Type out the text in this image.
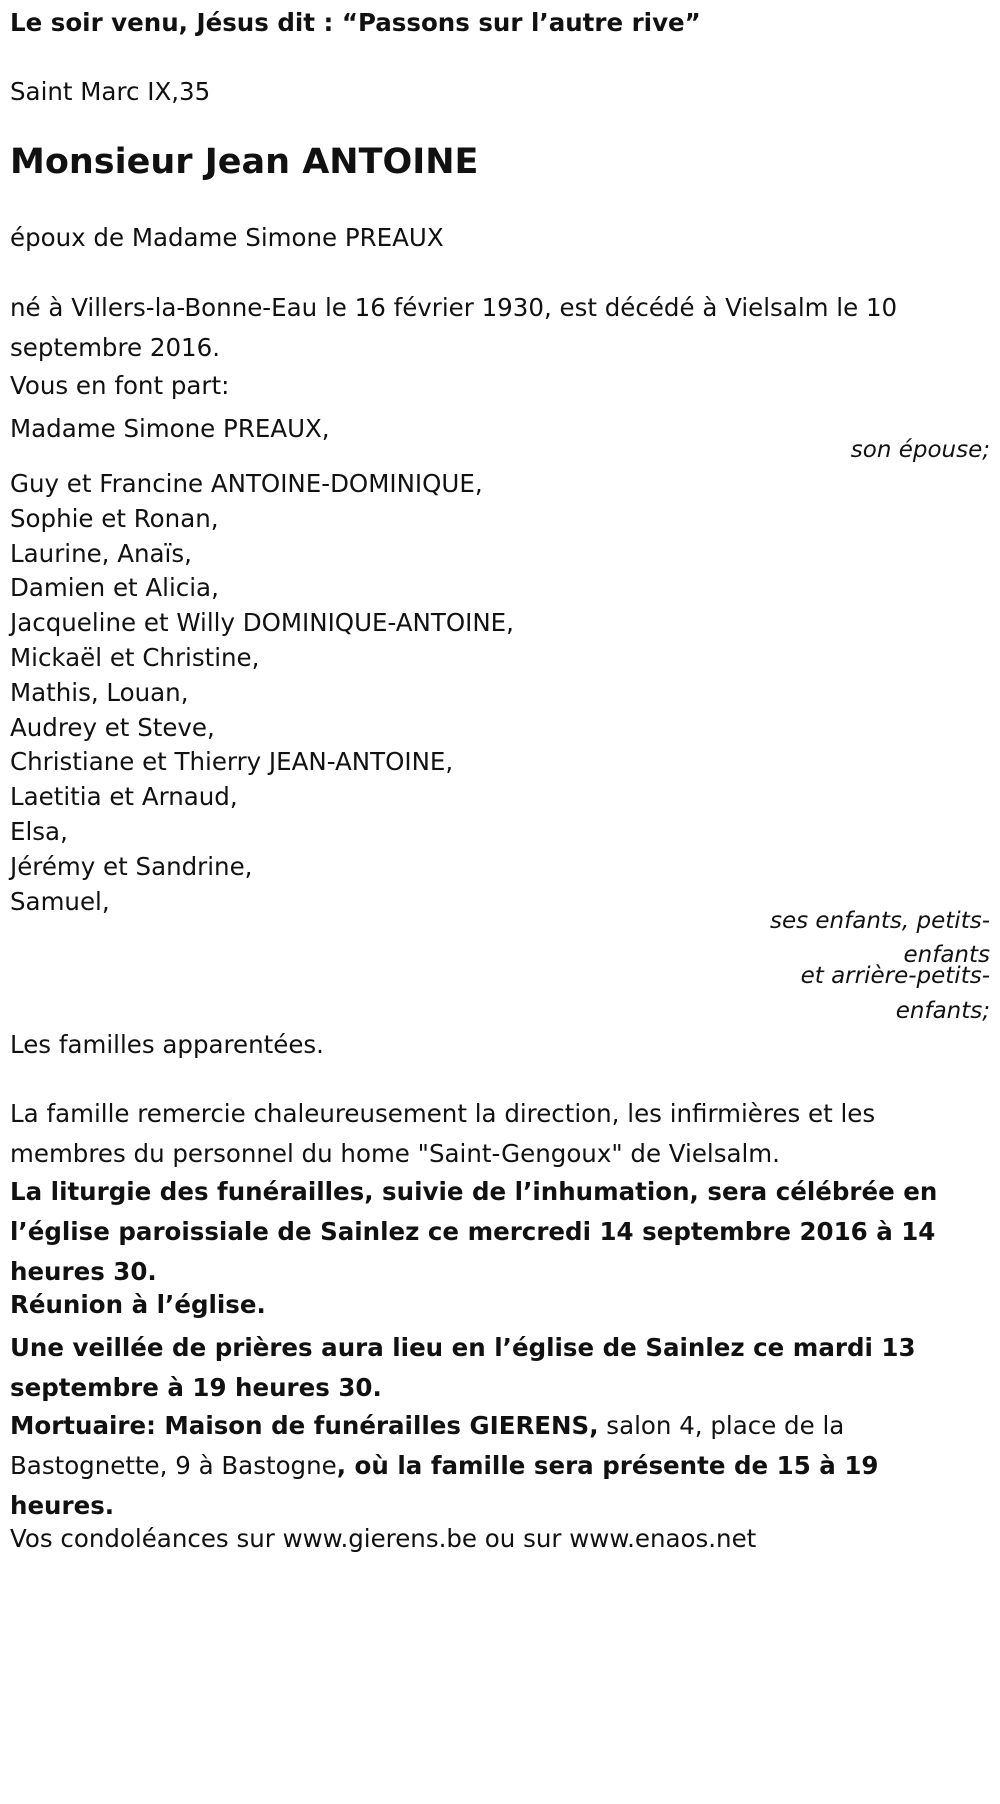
Le soir venu, Jésus dit : “Passons sur l’autre rive”
Saint Marc IX,35
Monsieur Jean ANTOINE
époux de Madame Simone PREAUX
né à Villers-la-Bonne-Eau le 16 février 1930, est décédé à Vielsalm le 10 septembre 2016.
Vous en font part:
Madame Simone PREAUX,
son épouse;
Guy et Francine ANTOINE-DOMINIQUE,
Sophie et Ronan,
Laurine, Anaïs,
Damien et Alicia,
Jacqueline et Willy DOMINIQUE-ANTOINE,
Mickaël et Christine,
Mathis, Louan,
Audrey et Steve,
Christiane et Thierry JEAN-ANTOINE,
Laetitia et Arnaud,
Elsa,
Jérémy et Sandrine,
Samuel,
ses enfants, petits-
enfants
et arrière-petits-
enfants;
Les familles apparentées.
La famille remercie chaleureusement la direction, les infirmières et les membres du personnel du home "Saint-Gengoux" de Vielsalm.
La liturgie des funérailles, suivie de l’inhumation, sera célébrée en l’église paroissiale de Sainlez ce mercredi 14 septembre 2016 à 14 heures 30.
Réunion à l’église.
Une veillée de prières aura lieu en l’église de Sainlez ce mardi 13 septembre à 19 heures 30.
Mortuaire: Maison de funérailles GIERENS, salon 4, place de la Bastognette, 9 à Bastogne, où la famille sera présente de 15 à 19 heures.
Vos condoléances sur www.gierens.be ou sur www.enaos.net
